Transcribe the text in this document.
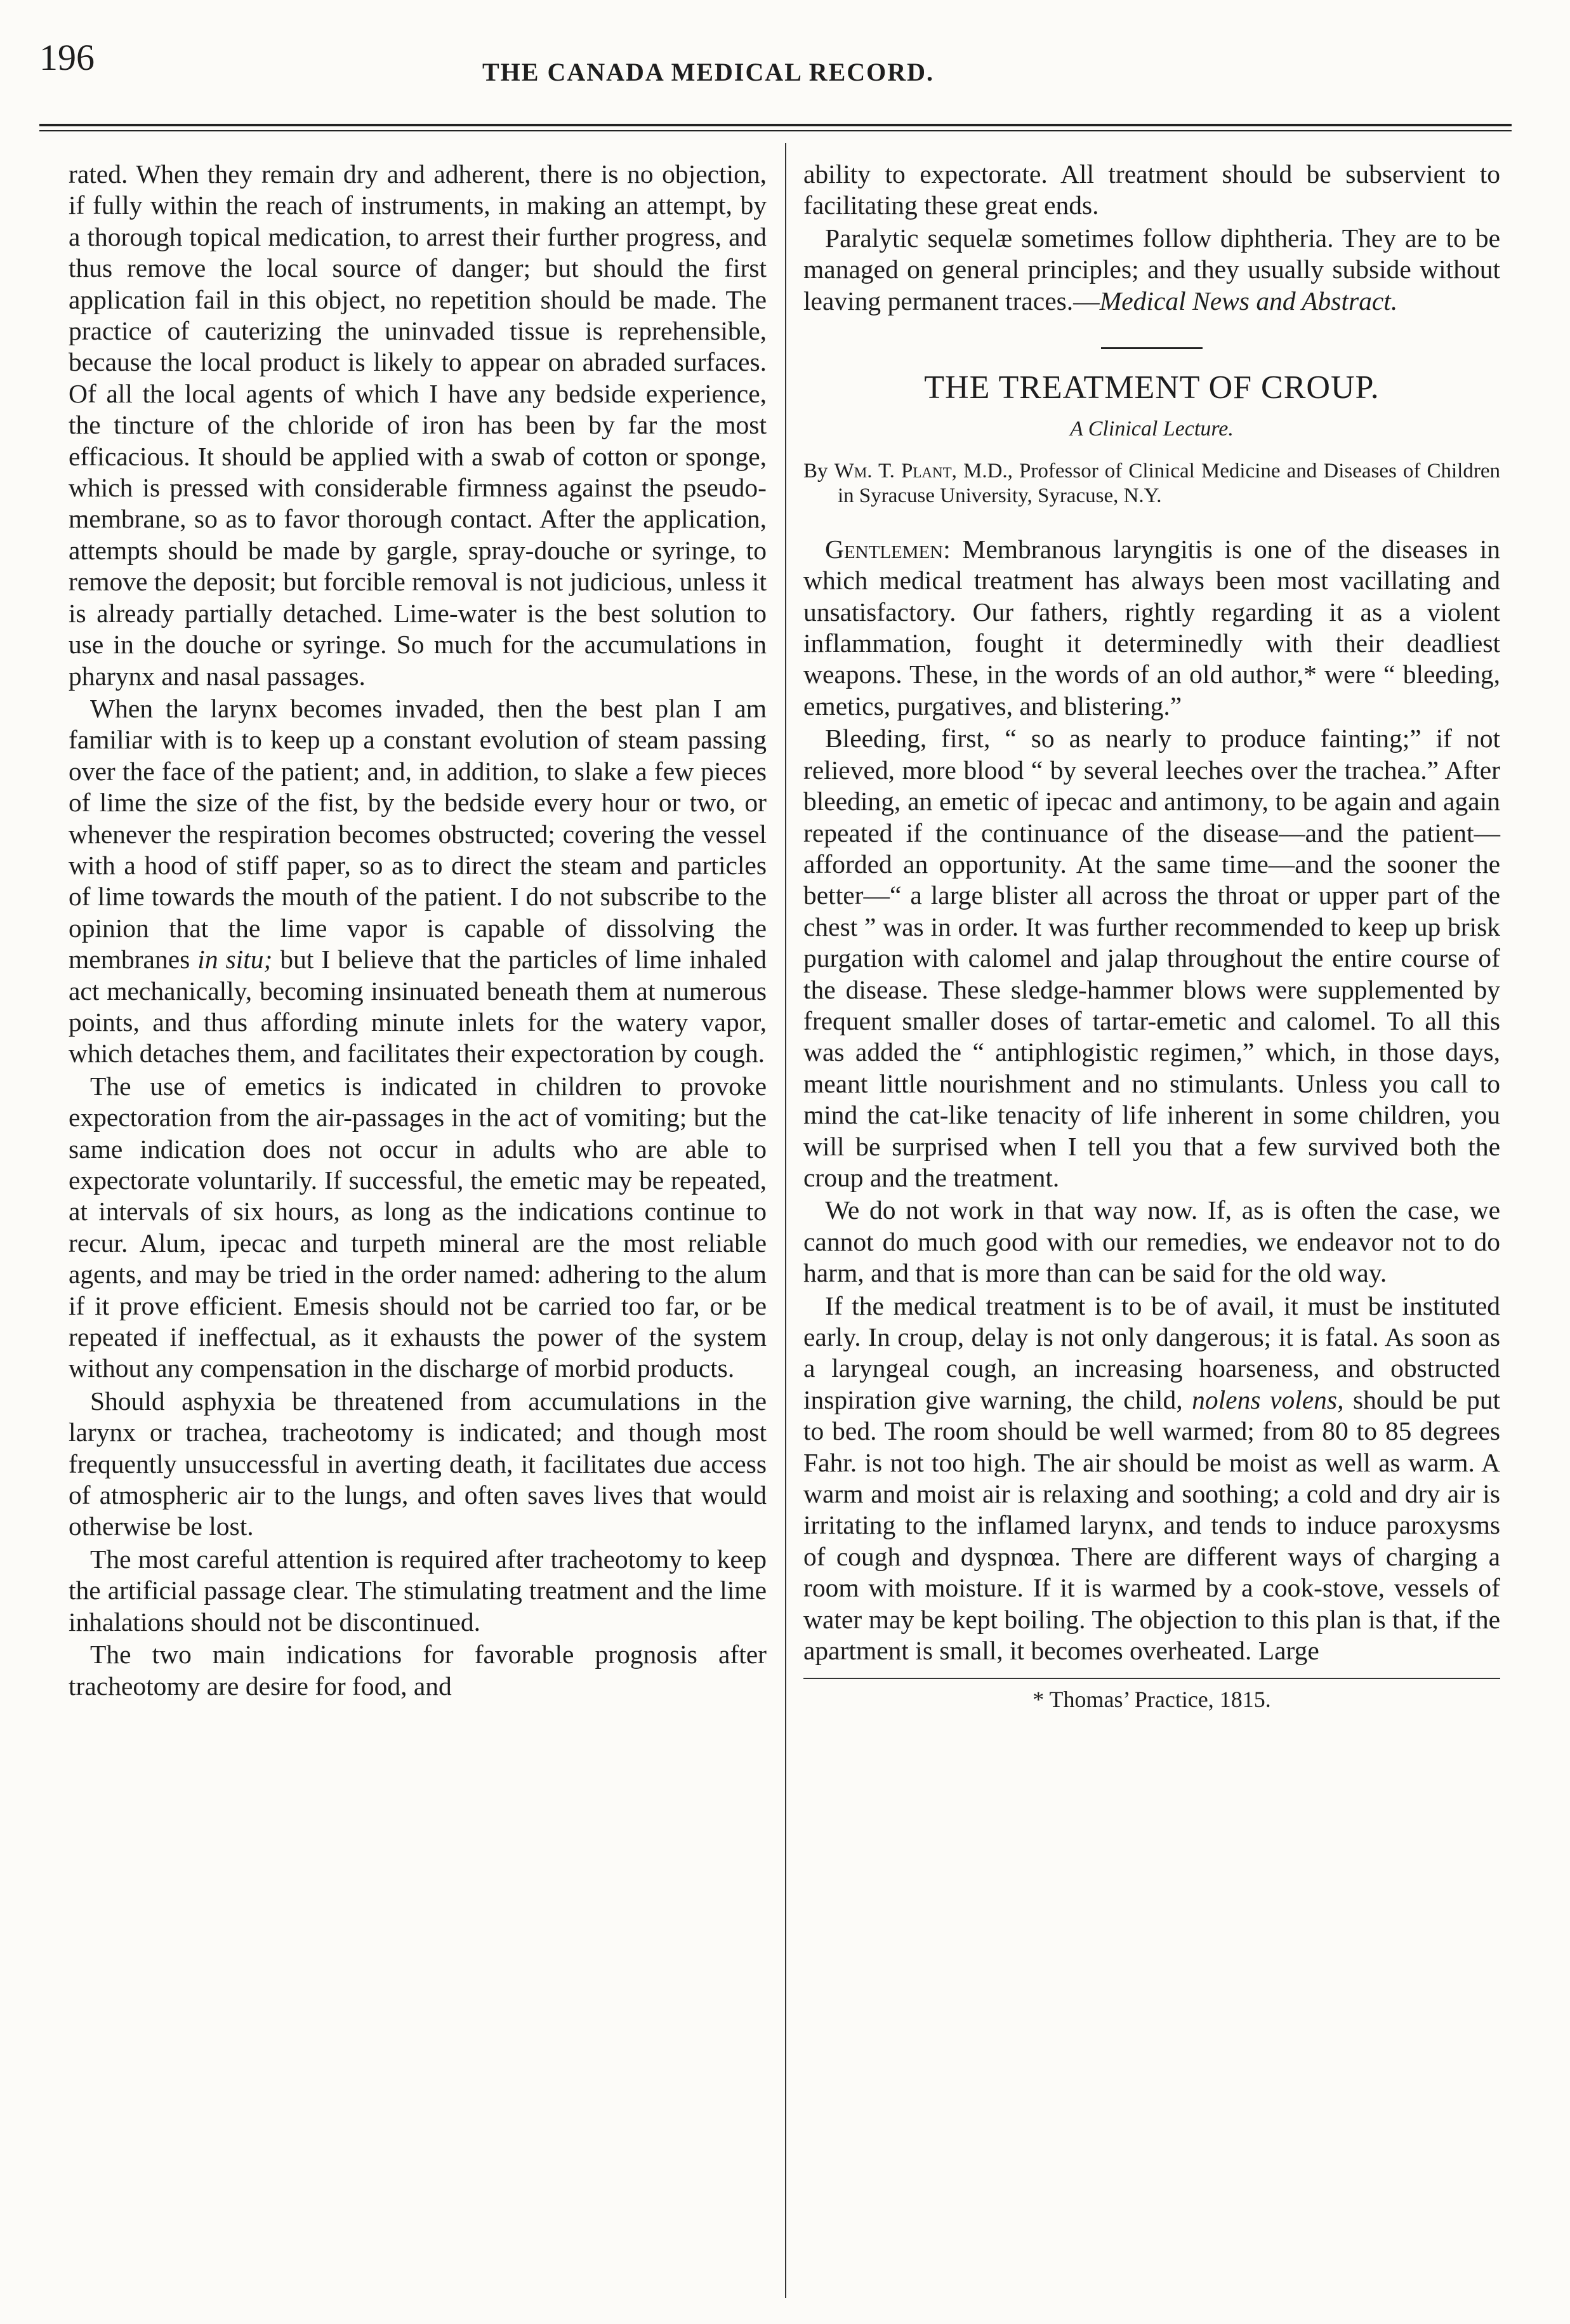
196	THE CANADA MEDICAL RECORD.

rated. When they remain dry and adherent, there is no objection, if fully within the reach of instruments, in making an attempt, by a thorough topical medication, to arrest their further progress, and thus remove the local source of danger; but should the first application fail in this object, no repetition should be made. The practice of cauterizing the uninvaded tissue is reprehensible, because the local product is likely to appear on abraded surfaces. Of all the local agents of which I have any bedside experience, the tincture of the chloride of iron has been by far the most efficacious. It should be applied with a swab of cotton or sponge, which is pressed with considerable firmness against the pseudo-membrane, so as to favor thorough contact. After the application, attempts should be made by gargle, spray-douche or syringe, to remove the deposit; but forcible removal is not judicious, unless it is already partially detached. Lime-water is the best solution to use in the douche or syringe. So much for the accumulations in pharynx and nasal passages.

When the larynx becomes invaded, then the best plan I am familiar with is to keep up a constant evolution of steam passing over the face of the patient; and, in addition, to slake a few pieces of lime the size of the fist, by the bedside every hour or two, or whenever the respiration becomes obstructed; covering the vessel with a hood of stiff paper, so as to direct the steam and particles of lime towards the mouth of the patient. I do not subscribe to the opinion that the lime vapor is capable of dissolving the membranes in situ; but I believe that the particles of lime inhaled act mechanically, becoming insinuated beneath them at numerous points, and thus affording minute inlets for the watery vapor, which detaches them, and facilitates their expectoration by cough.

The use of emetics is indicated in children to provoke expectoration from the air-passages in the act of vomiting; but the same indication does not occur in adults who are able to expectorate voluntarily. If successful, the emetic may be repeated, at intervals of six hours, as long as the indications continue to recur. Alum, ipecac and turpeth mineral are the most reliable agents, and may be tried in the order named: adhering to the alum if it prove efficient. Emesis should not be carried too far, or be repeated if ineffectual, as it exhausts the power of the system without any compensation in the discharge of morbid products.

Should asphyxia be threatened from accumulations in the larynx or trachea, tracheotomy is indicated; and though most frequently unsuccessful in averting death, it facilitates due access of atmospheric air to the lungs, and often saves lives that would otherwise be lost.

The most careful attention is required after tracheotomy to keep the artificial passage clear. The stimulating treatment and the lime inhalations should not be discontinued.

The two main indications for favorable prognosis after tracheotomy are desire for food, and

ability to expectorate. All treatment should be subservient to facilitating these great ends.

Paralytic sequelæ sometimes follow diphtheria. They are to be managed on general principles; and they usually subside without leaving permanent traces.—Medical News and Abstract.

THE TREATMENT OF CROUP.
A Clinical Lecture.
By Wm. T. Plant, M.D., Professor of Clinical Medicine and Diseases of Children in Syracuse University, Syracuse, N.Y.

Gentlemen: Membranous laryngitis is one of the diseases in which medical treatment has always been most vacillating and unsatisfactory. Our fathers, rightly regarding it as a violent inflammation, fought it determinedly with their deadliest weapons. These, in the words of an old author,* were “ bleeding, emetics, purgatives, and blistering.”

Bleeding, first, “ so as nearly to produce fainting;” if not relieved, more blood “ by several leeches over the trachea.” After bleeding, an emetic of ipecac and antimony, to be again and again repeated if the continuance of the disease—and the patient—afforded an opportunity. At the same time—and the sooner the better—“ a large blister all across the throat or upper part of the chest ” was in order. It was further recommended to keep up brisk purgation with calomel and jalap throughout the entire course of the disease. These sledge-hammer blows were supplemented by frequent smaller doses of tartar-emetic and calomel. To all this was added the “ antiphlogistic regimen,” which, in those days, meant little nourishment and no stimulants. Unless you call to mind the cat-like tenacity of life inherent in some children, you will be surprised when I tell you that a few survived both the croup and the treatment.

We do not work in that way now. If, as is often the case, we cannot do much good with our remedies, we endeavor not to do harm, and that is more than can be said for the old way.

If the medical treatment is to be of avail, it must be instituted early. In croup, delay is not only dangerous; it is fatal. As soon as a laryngeal cough, an increasing hoarseness, and obstructed inspiration give warning, the child, nolens volens, should be put to bed. The room should be well warmed; from 80 to 85 degrees Fahr. is not too high. The air should be moist as well as warm. A warm and moist air is relaxing and soothing; a cold and dry air is irritating to the inflamed larynx, and tends to induce paroxysms of cough and dyspnœa. There are different ways of charging a room with moisture. If it is warmed by a cook-stove, vessels of water may be kept boiling. The objection to this plan is that, if the apartment is small, it becomes overheated. Large

* Thomas’ Practice, 1815.
